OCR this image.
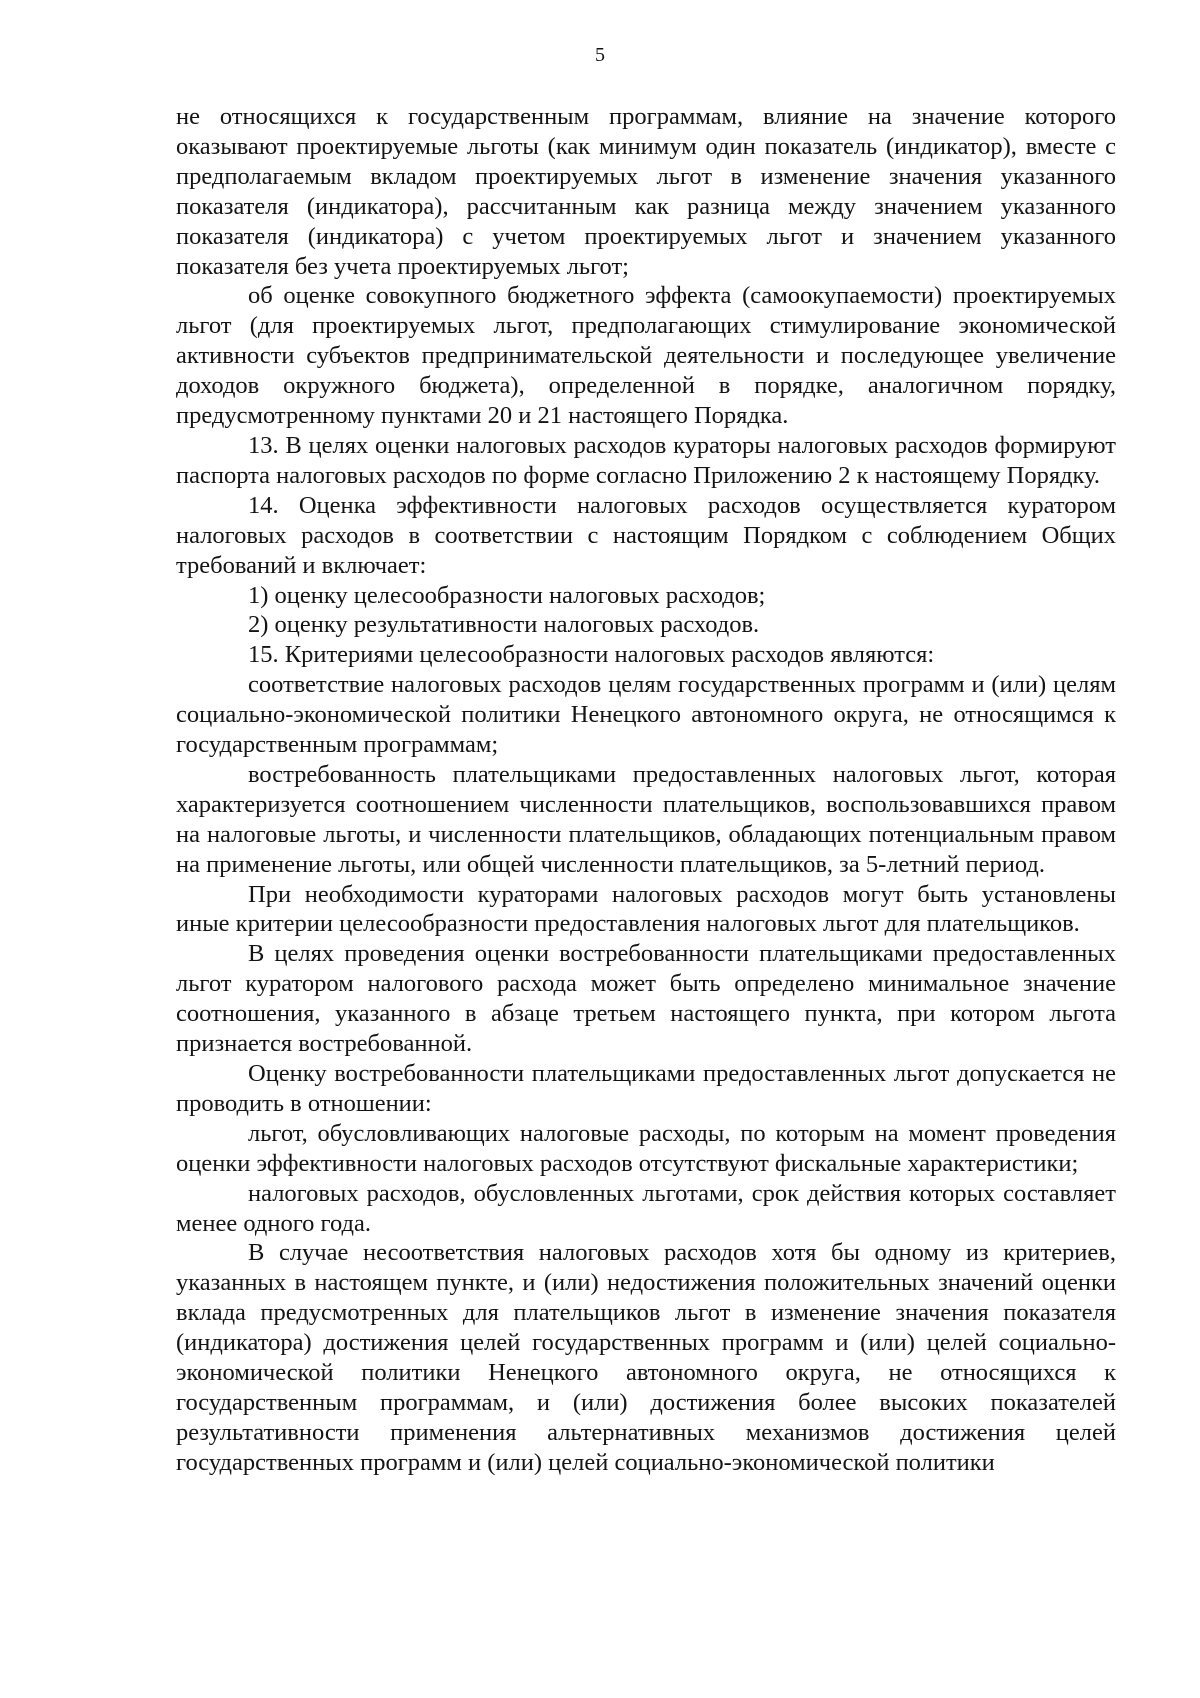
5

не относящихся к государственным программам, влияние на значение которого оказывают проектируемые льготы (как минимум один показатель (индикатор), вместе с предполагаемым вкладом проектируемых льгот в изменение значения указанного показателя (индикатора), рассчитанным как разница между значением указанного показателя (индикатора) с учетом проектируемых льгот и значением указанного показателя без учета проектируемых льгот;

об оценке совокупного бюджетного эффекта (самоокупаемости) проектируемых льгот (для проектируемых льгот, предполагающих стимулирование экономической активности субъектов предпринимательской деятельности и последующее увеличение доходов окружного бюджета), определенной в порядке, аналогичном порядку, предусмотренному пунктами 20 и 21 настоящего Порядка.

13. В целях оценки налоговых расходов кураторы налоговых расходов формируют паспорта налоговых расходов по форме согласно Приложению 2 к настоящему Порядку.

14. Оценка эффективности налоговых расходов осуществляется куратором налоговых расходов в соответствии с настоящим Порядком с соблюдением Общих требований и включает:

1) оценку целесообразности налоговых расходов;

2) оценку результативности налоговых расходов.

15. Критериями целесообразности налоговых расходов являются:

соответствие налоговых расходов целям государственных программ и (или) целям социально-экономической политики Ненецкого автономного округа, не относящимся к государственным программам;

востребованность плательщиками предоставленных налоговых льгот, которая характеризуется соотношением численности плательщиков, воспользовавшихся правом на налоговые льготы, и численности плательщиков, обладающих потенциальным правом на применение льготы, или общей численности плательщиков, за 5-летний период.

При необходимости кураторами налоговых расходов могут быть установлены иные критерии целесообразности предоставления налоговых льгот для плательщиков.

В целях проведения оценки востребованности плательщиками предоставленных льгот куратором налогового расхода может быть определено минимальное значение соотношения, указанного в абзаце третьем настоящего пункта, при котором льгота признается востребованной.

Оценку востребованности плательщиками предоставленных льгот допускается не проводить в отношении:

льгот, обусловливающих налоговые расходы, по которым на момент проведения оценки эффективности налоговых расходов отсутствуют фискальные характеристики;

налоговых расходов, обусловленных льготами, срок действия которых составляет менее одного года.

В случае несоответствия налоговых расходов хотя бы одному из критериев, указанных в настоящем пункте, и (или) недостижения положительных значений оценки вклада предусмотренных для плательщиков льгот в изменение значения показателя (индикатора) достижения целей государственных программ и (или) целей социально-экономической политики Ненецкого автономного округа, не относящихся к государственным программам, и (или) достижения более высоких показателей результативности применения альтернативных механизмов достижения целей государственных программ и (или) целей социально-экономической политики
